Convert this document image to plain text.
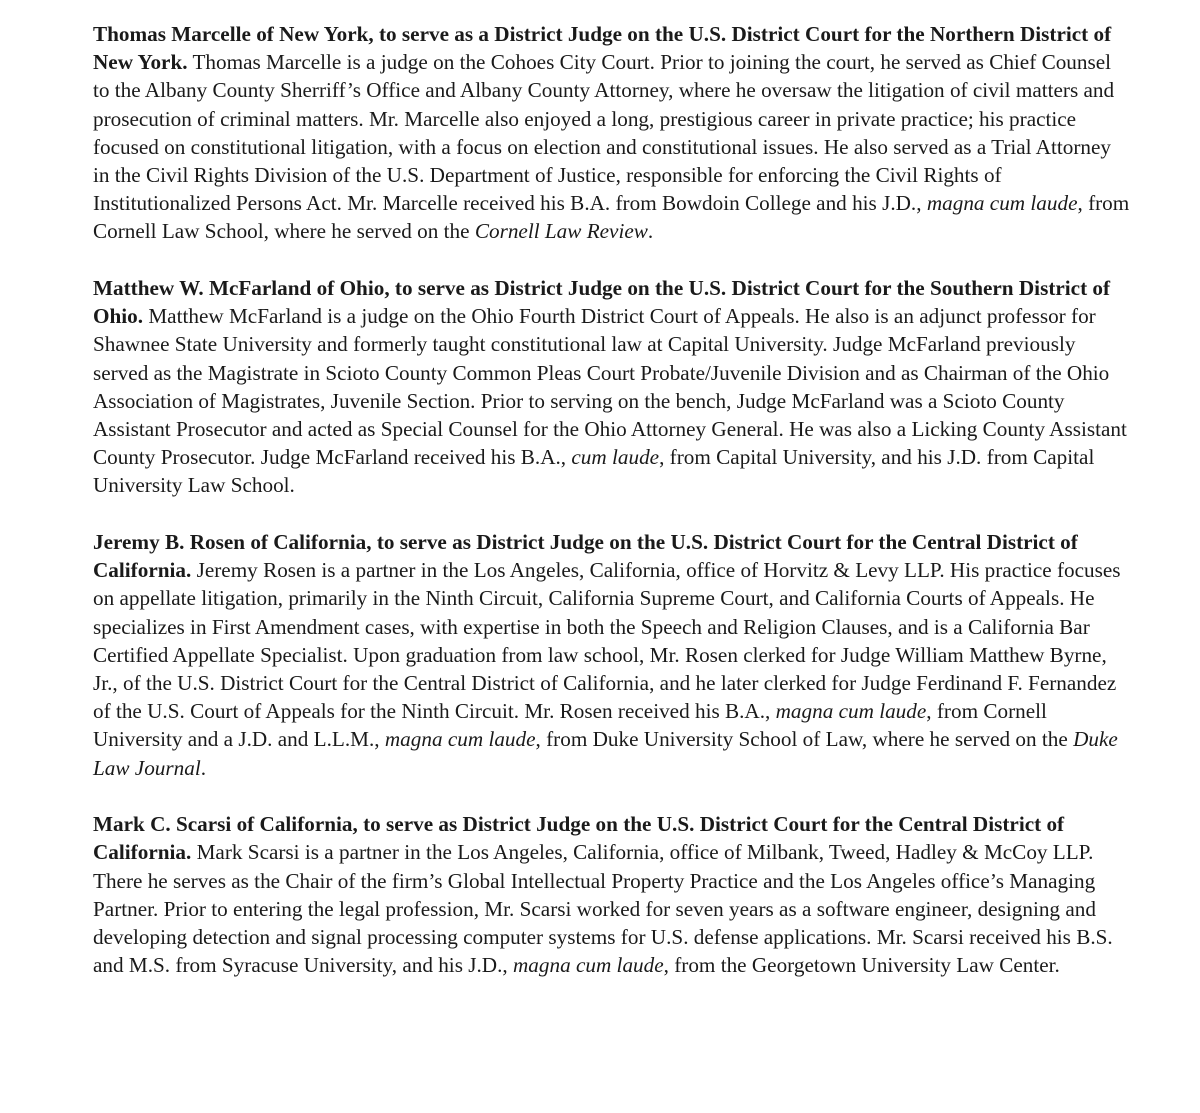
Thomas Marcelle of New York, to serve as a District Judge on the U.S. District Court for the Northern District of New York. Thomas Marcelle is a judge on the Cohoes City Court. Prior to joining the court, he served as Chief Counsel to the Albany County Sherriff’s Office and Albany County Attorney, where he oversaw the litigation of civil matters and prosecution of criminal matters. Mr. Marcelle also enjoyed a long, prestigious career in private practice; his practice focused on constitutional litigation, with a focus on election and constitutional issues. He also served as a Trial Attorney in the Civil Rights Division of the U.S. Department of Justice, responsible for enforcing the Civil Rights of Institutionalized Persons Act. Mr. Marcelle received his B.A. from Bowdoin College and his J.D., magna cum laude, from Cornell Law School, where he served on the Cornell Law Review.

Matthew W. McFarland of Ohio, to serve as District Judge on the U.S. District Court for the Southern District of Ohio. Matthew McFarland is a judge on the Ohio Fourth District Court of Appeals. He also is an adjunct professor for Shawnee State University and formerly taught constitutional law at Capital University. Judge McFarland previously served as the Magistrate in Scioto County Common Pleas Court Probate/Juvenile Division and as Chairman of the Ohio Association of Magistrates, Juvenile Section. Prior to serving on the bench, Judge McFarland was a Scioto County Assistant Prosecutor and acted as Special Counsel for the Ohio Attorney General. He was also a Licking County Assistant County Prosecutor. Judge McFarland received his B.A., cum laude, from Capital University, and his J.D. from Capital University Law School.

Jeremy B. Rosen of California, to serve as District Judge on the U.S. District Court for the Central District of California. Jeremy Rosen is a partner in the Los Angeles, California, office of Horvitz & Levy LLP. His practice focuses on appellate litigation, primarily in the Ninth Circuit, California Supreme Court, and California Courts of Appeals. He specializes in First Amendment cases, with expertise in both the Speech and Religion Clauses, and is a California Bar Certified Appellate Specialist. Upon graduation from law school, Mr. Rosen clerked for Judge William Matthew Byrne, Jr., of the U.S. District Court for the Central District of California, and he later clerked for Judge Ferdinand F. Fernandez of the U.S. Court of Appeals for the Ninth Circuit. Mr. Rosen received his B.A., magna cum laude, from Cornell University and a J.D. and L.L.M., magna cum laude, from Duke University School of Law, where he served on the Duke Law Journal.

Mark C. Scarsi of California, to serve as District Judge on the U.S. District Court for the Central District of California. Mark Scarsi is a partner in the Los Angeles, California, office of Milbank, Tweed, Hadley & McCoy LLP. There he serves as the Chair of the firm’s Global Intellectual Property Practice and the Los Angeles office’s Managing Partner. Prior to entering the legal profession, Mr. Scarsi worked for seven years as a software engineer, designing and developing detection and signal processing computer systems for U.S. defense applications. Mr. Scarsi received his B.S. and M.S. from Syracuse University, and his J.D., magna cum laude, from the Georgetown University Law Center.
